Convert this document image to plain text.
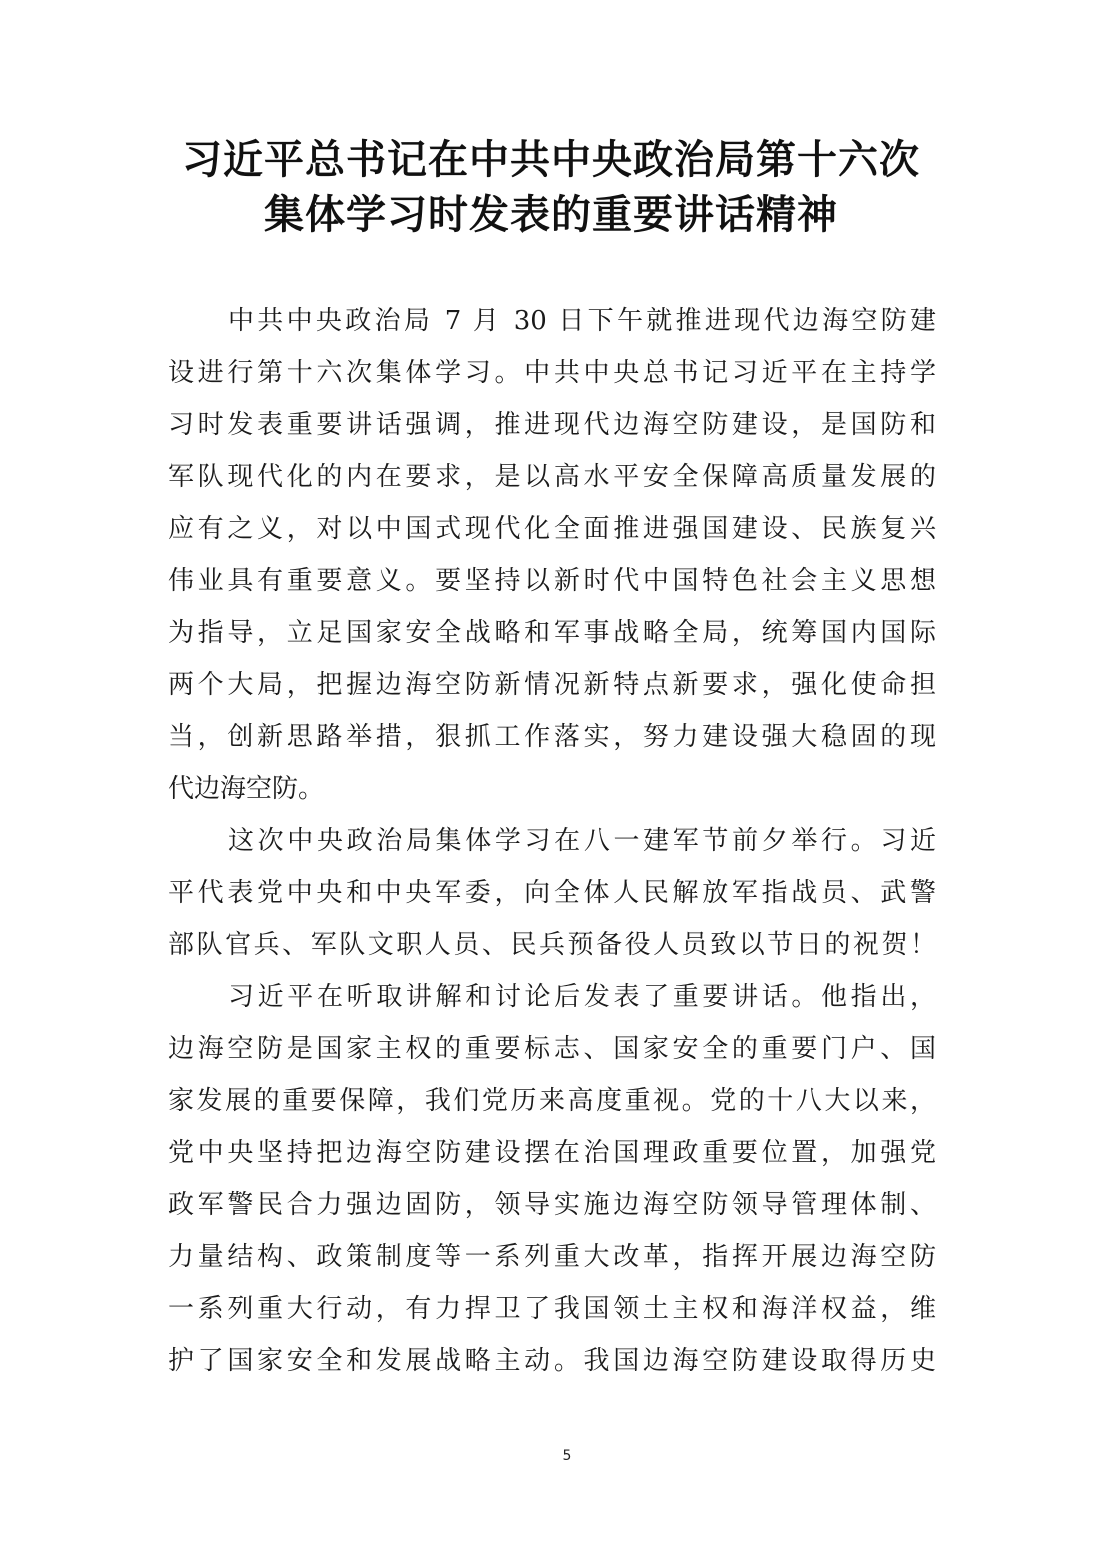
习近平总书记在中共中央政治局第十六次
集体学习时发表的重要讲话精神
中共中央政治局 7 月 30 日下午就推进现代边海空防建
设进行第十六次集体学习。中共中央总书记习近平在主持学
习时发表重要讲话强调，推进现代边海空防建设，是国防和
军队现代化的内在要求，是以高水平安全保障高质量发展的
应有之义，对以中国式现代化全面推进强国建设、民族复兴
伟业具有重要意义。要坚持以新时代中国特色社会主义思想
为指导，立足国家安全战略和军事战略全局，统筹国内国际
两个大局，把握边海空防新情况新特点新要求，强化使命担
当，创新思路举措，狠抓工作落实，努力建设强大稳固的现
代边海空防。
这次中央政治局集体学习在八一建军节前夕举行。习近
平代表党中央和中央军委，向全体人民解放军指战员、武警
部队官兵、军队文职人员、民兵预备役人员致以节日的祝贺！
习近平在听取讲解和讨论后发表了重要讲话。他指出，
边海空防是国家主权的重要标志、国家安全的重要门户、国
家发展的重要保障，我们党历来高度重视。党的十八大以来，
党中央坚持把边海空防建设摆在治国理政重要位置，加强党
政军警民合力强边固防，领导实施边海空防领导管理体制、
力量结构、政策制度等一系列重大改革，指挥开展边海空防
一系列重大行动，有力捍卫了我国领土主权和海洋权益，维
护了国家安全和发展战略主动。我国边海空防建设取得历史
5
